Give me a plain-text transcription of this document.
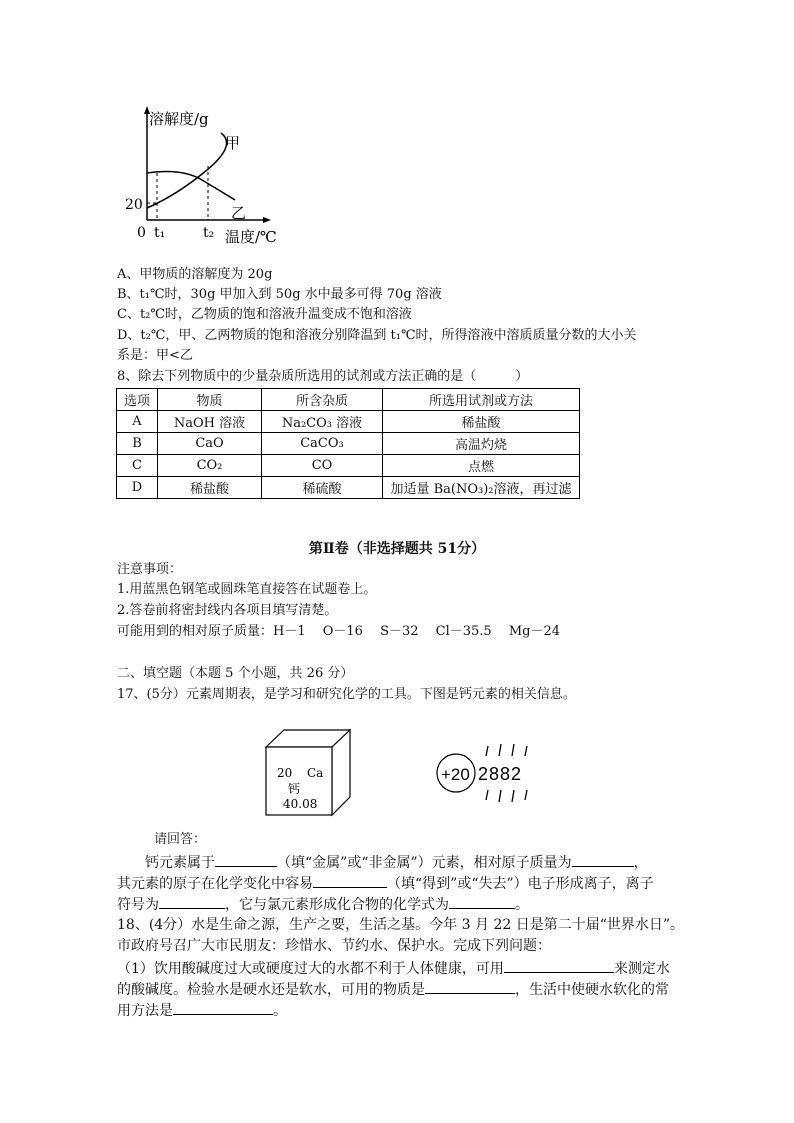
溶解度/g
甲
乙
20
0 t₁	t₂ 温度/℃
A、甲物质的溶解度为 20g
B、t₁℃时，30g 甲加入到 50g 水中最多可得 70g 溶液
C、t₂℃时，乙物质的饱和溶液升温变成不饱和溶液
D、t₂℃，甲、乙两物质的饱和溶液分别降温到 t₁℃时，所得溶液中溶质质量分数的大小关
系是：甲<乙
8、除去下列物质中的少量杂质所选用的试剂或方法正确的是（　　　）
选项	物质	所含杂质	所选用试剂或方法
A	NaOH 溶液	Na₂CO₃ 溶液	稀盐酸
B	CaO	CaCO₃	高温灼烧
C	CO₂	CO	点燃
D	稀盐酸	稀硫酸	加适量 Ba(NO₃)₂溶液，再过滤
第Ⅱ卷（非选择题共 51分）
注意事项：
1.用蓝黑色钢笔或圆珠笔直接答在试题卷上。
2.答卷前将密封线内各项目填写清楚。
可能用到的相对原子质量：H－1　 O－16　 S－32　 Cl－35.5　 Mg－24
二、填空题（本题 5 个小题，共 26 分）
17、(5分）元素周期表，是学习和研究化学的工具。下图是钙元素的相关信息。
20 Ca
钙
40.08
+20 2882
请回答：
钙元素属于	（填“金属”或“非金属”）元素，相对原子质量为	，
其元素的原子在化学变化中容易	（填“得到”或“失去”）电子形成离子，离子
符号为	，它与氯元素形成化合物的化学式为	。
18、(4分）水是生命之源，生产之要，生活之基。今年 3 月 22 日是第二十届“世界水日”。
市政府号召广大市民朋友：珍惜水、节约水、保护水。完成下列问题：
（1）饮用酸碱度过大或硬度过大的水都不利于人体健康，可用	来测定水
的酸碱度。检验水是硬水还是软水，可用的物质是	，生活中使硬水软化的常
用方法是	。
